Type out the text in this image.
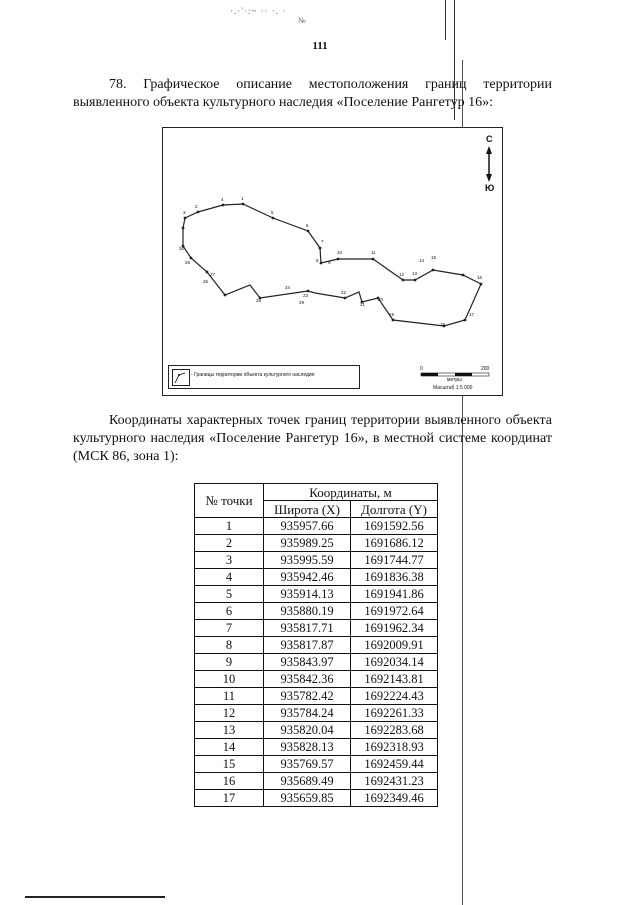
·.·'·:~ ·· ·. ·
№
111
78. Графическое описание местоположения границ территории выявленного объекта культурного наследия «Поселение Рангетур 16»:
3
2
4	1
5
6
7
8 9
10	11
12 13
14
15
16
17
18
19
20
21
22
23
24
25
26
27
29
28
30
С
Ю
- Границы территории объекта культурного наследия
0	200
метры
Масштаб 1:5 000
Координаты характерных точек границ территории выявленного объекта культурного наследия «Поселение Рангетур 16», в местной системе координат (МСК 86, зона 1):
№ точки	Координаты, м	
	Широта (X)	Долгота (Y)
1	935957.66	1691592.56
2	935989.25	1691686.12
3	935995.59	1691744.77
4	935942.46	1691836.38
5	935914.13	1691941.86
6	935880.19	1691972.64
7	935817.71	1691962.34
8	935817.87	1692009.91
9	935843.97	1692034.14
10	935842.36	1692143.81
11	935782.42	1692224.43
12	935784.24	1692261.33
13	935820.04	1692283.68
14	935828.13	1692318.93
15	935769.57	1692459.44
16	935689.49	1692431.23
17	935659.85	1692349.46
